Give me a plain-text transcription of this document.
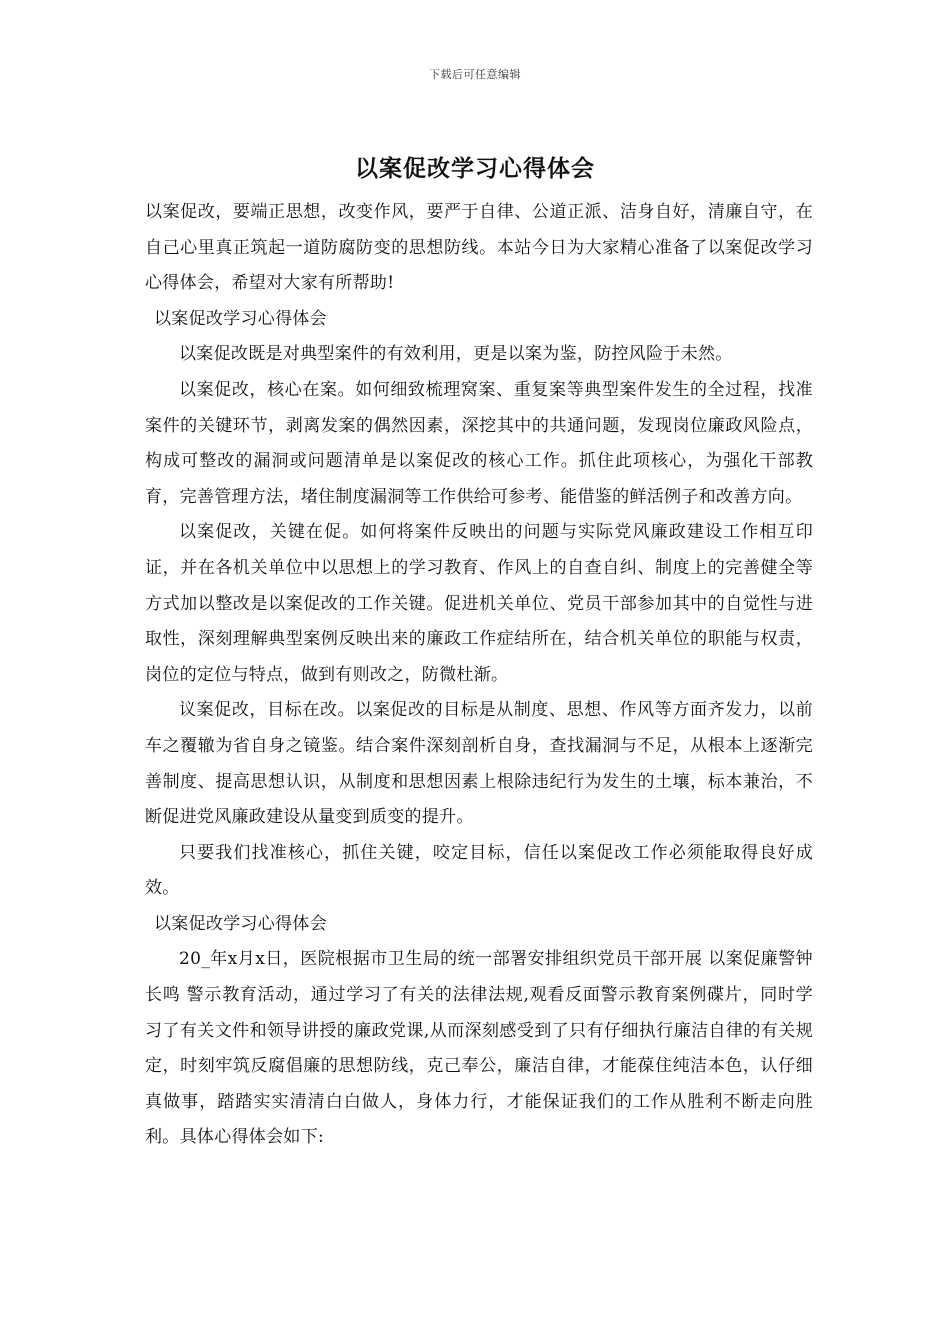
下载后可任意编辑
以案促改学习心得体会

以案促改，要端正思想，改变作风，要严于自律、公道正派、洁身自好，清廉自守，在自己心里真正筑起一道防腐防变的思想防线。本站今日为大家精心准备了以案促改学习心得体会，希望对大家有所帮助!

以案促改学习心得体会

以案促改既是对典型案件的有效利用，更是以案为鉴，防控风险于未然。

以案促改，核心在案。如何细致梳理窝案、重复案等典型案件发生的全过程，找准案件的关键环节，剥离发案的偶然因素，深挖其中的共通问题，发现岗位廉政风险点，构成可整改的漏洞或问题清单是以案促改的核心工作。抓住此项核心，为强化干部教育，完善管理方法，堵住制度漏洞等工作供给可参考、能借鉴的鲜活例子和改善方向。

以案促改，关键在促。如何将案件反映出的问题与实际党风廉政建设工作相互印证，并在各机关单位中以思想上的学习教育、作风上的自查自纠、制度上的完善健全等方式加以整改是以案促改的工作关键。促进机关单位、党员干部参加其中的自觉性与进取性，深刻理解典型案例反映出来的廉政工作症结所在，结合机关单位的职能与权责，岗位的定位与特点，做到有则改之，防微杜渐。

议案促改，目标在改。以案促改的目标是从制度、思想、作风等方面齐发力，以前车之覆辙为省自身之镜鉴。结合案件深刻剖析自身，查找漏洞与不足，从根本上逐渐完善制度、提高思想认识，从制度和思想因素上根除违纪行为发生的土壤，标本兼治，不断促进党风廉政建设从量变到质变的提升。

只要我们找准核心，抓住关键，咬定目标，信任以案促改工作必须能取得良好成效。

以案促改学习心得体会

20_年x月x日，医院根据市卫生局的统一部署安排组织党员干部开展 以案促廉警钟长鸣 警示教育活动，通过学习了有关的法律法规,观看反面警示教育案例碟片，同时学习了有关文件和领导讲授的廉政党课,从而深刻感受到了只有仔细执行廉洁自律的有关规定，时刻牢筑反腐倡廉的思想防线，克己奉公，廉洁自律，才能葆住纯洁本色，认仔细真做事，踏踏实实清清白白做人，身体力行，才能保证我们的工作从胜利不断走向胜利。具体心得体会如下:
